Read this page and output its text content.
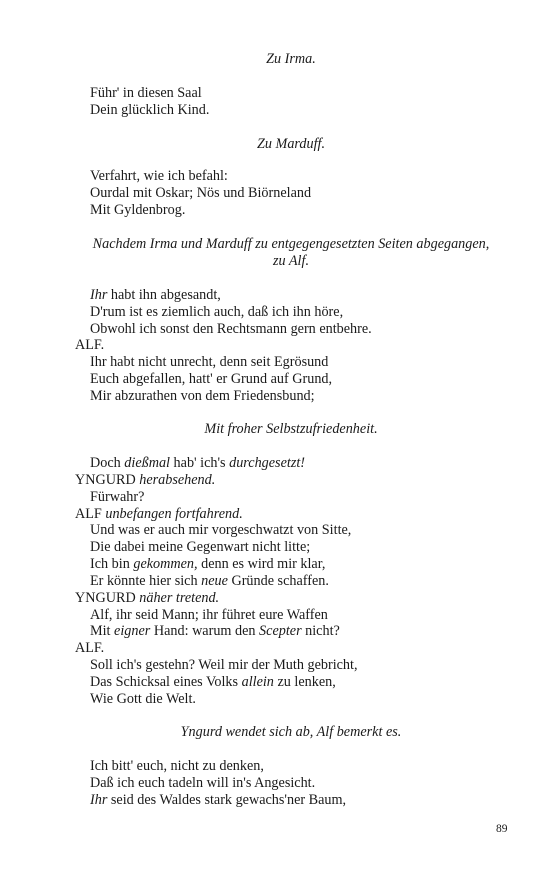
Zu Irma.
Führ' in diesen Saal
Dein glücklich Kind.
Zu Marduff.
Verfahrt, wie ich befahl:
Ourdal mit Oskar; Nös und Biörneland
Mit Gyldenbrog.
Nachdem Irma und Marduff zu entgegengesetzten Seiten abgegangen,
zu Alf.
Ihr habt ihn abgesandt,
D'rum ist es ziemlich auch, daß ich ihn höre,
Obwohl ich sonst den Rechtsmann gern entbehre.
ALF.
Ihr habt nicht unrecht, denn seit Egrösund
Euch abgefallen, hatt' er Grund auf Grund,
Mir abzurathen von dem Friedensbund;
Mit froher Selbstzufriedenheit.
Doch dießmal hab' ich's durchgesetzt!
YNGURD herabsehend.
Fürwahr?
ALF unbefangen fortfahrend.
Und was er auch mir vorgeschwatzt von Sitte,
Die dabei meine Gegenwart nicht litte;
Ich bin gekommen, denn es wird mir klar,
Er könnte hier sich neue Gründe schaffen.
YNGURD näher tretend.
Alf, ihr seid Mann; ihr führet eure Waffen
Mit eigner Hand: warum den Scepter nicht?
ALF.
Soll ich's gestehn? Weil mir der Muth gebricht,
Das Schicksal eines Volks allein zu lenken,
Wie Gott die Welt.
Yngurd wendet sich ab, Alf bemerkt es.
Ich bitt' euch, nicht zu denken,
Daß ich euch tadeln will in's Angesicht.
Ihr seid des Waldes stark gewachs'ner Baum,
89
